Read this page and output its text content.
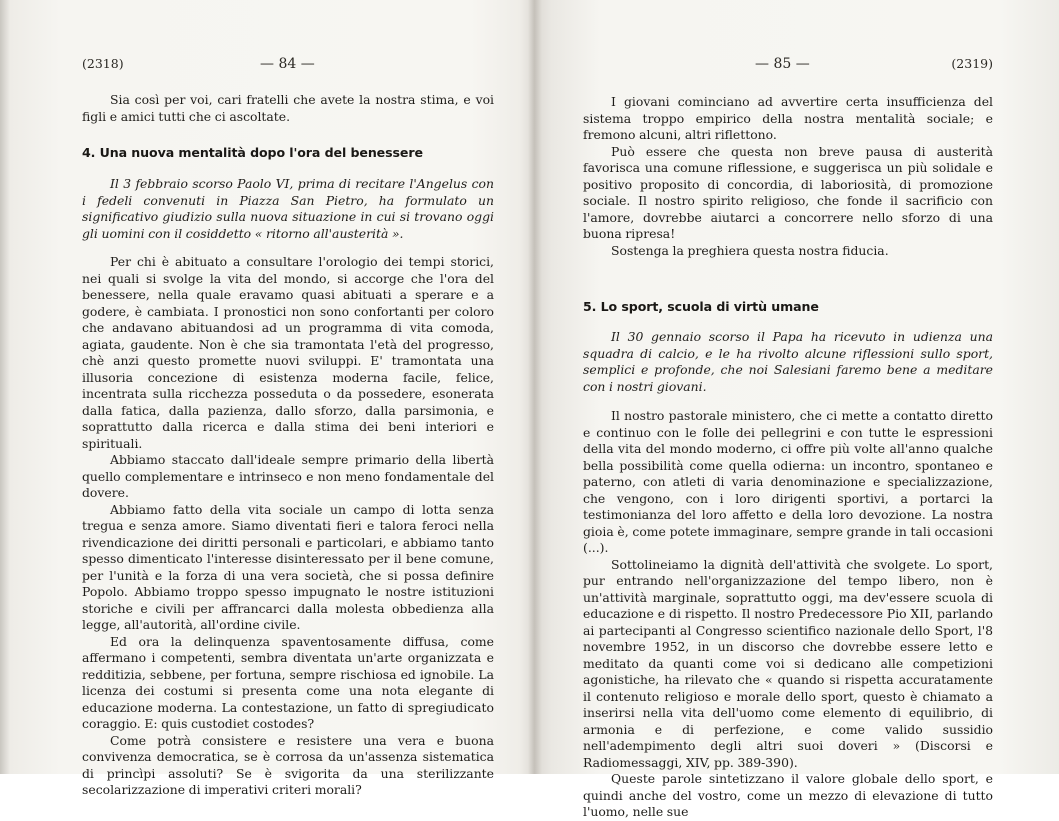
(2318)	— 84 —

Sia così per voi, cari fratelli che avete la nostra stima, e voi figli e amici tutti che ci ascoltate.

4. Una nuova mentalità dopo l'ora del benessere

Il 3 febbraio scorso Paolo VI, prima di recitare l'Angelus con i fedeli convenuti in Piazza San Pietro, ha formulato un significativo giudizio sulla nuova situazione in cui si trovano oggi gli uomini con il cosiddetto « ritorno all'austerità ».

Per chi è abituato a consultare l'orologio dei tempi storici, nei quali si svolge la vita del mondo, si accorge che l'ora del benessere, nella quale eravamo quasi abituati a sperare e a godere, è cambiata. I pronostici non sono confortanti per coloro che andavano abituandosi ad un programma di vita comoda, agiata, gaudente. Non è che sia tramontata l'età del progresso, chè anzi questo promette nuovi sviluppi. E' tramontata una illusoria concezione di esistenza moderna facile, felice, incentrata sulla ricchezza posseduta o da possedere, esonerata dalla fatica, dalla pazienza, dallo sforzo, dalla parsimonia, e soprattutto dalla ricerca e dalla stima dei beni interiori e spirituali.

Abbiamo staccato dall'ideale sempre primario della libertà quello complementare e intrinseco e non meno fondamentale del dovere.

Abbiamo fatto della vita sociale un campo di lotta senza tregua e senza amore. Siamo diventati fieri e talora feroci nella rivendicazione dei diritti personali e particolari, e abbiamo tanto spesso dimenticato l'interesse disinteressato per il bene comune, per l'unità e la forza di una vera società, che si possa definire Popolo. Abbiamo troppo spesso impugnato le nostre istituzioni storiche e civili per affrancarci dalla molesta obbedienza alla legge, all'autorità, all'ordine civile.

Ed ora la delinquenza spaventosamente diffusa, come affermano i competenti, sembra diventata un'arte organizzata e redditizia, sebbene, per fortuna, sempre rischiosa ed ignobile. La licenza dei costumi si presenta come una nota elegante di educazione moderna. La contestazione, un fatto di spregiudicato coraggio. E: quis custodiet costodes?

Come potrà consistere e resistere una vera e buona convivenza democratica, se è corrosa da un'assenza sistematica di princìpi assoluti? Se è svigorita da una sterilizzante secolarizzazione di imperativi criteri morali?

— 85 —	(2319)

I giovani cominciano ad avvertire certa insufficienza del sistema troppo empirico della nostra mentalità sociale; e fremono alcuni, altri riflettono.

Può essere che questa non breve pausa di austerità favorisca una comune riflessione, e suggerisca un più solidale e positivo proposito di concordia, di laboriosità, di promozione sociale. Il nostro spirito religioso, che fonde il sacrificio con l'amore, dovrebbe aiutarci a concorrere nello sforzo di una buona ripresa!

Sostenga la preghiera questa nostra fiducia.

5. Lo sport, scuola di virtù umane

Il 30 gennaio scorso il Papa ha ricevuto in udienza una squadra di calcio, e le ha rivolto alcune riflessioni sullo sport, semplici e profonde, che noi Salesiani faremo bene a meditare con i nostri giovani.

Il nostro pastorale ministero, che ci mette a contatto diretto e continuo con le folle dei pellegrini e con tutte le espressioni della vita del mondo moderno, ci offre più volte all'anno qualche bella possibilità come quella odierna: un incontro, spontaneo e paterno, con atleti di varia denominazione e specializzazione, che vengono, con i loro dirigenti sportivi, a portarci la testimonianza del loro affetto e della loro devozione. La nostra gioia è, come potete immaginare, sempre grande in tali occasioni (...).

Sottolineiamo la dignità dell'attività che svolgete. Lo sport, pur entrando nell'organizzazione del tempo libero, non è un'attività marginale, soprattutto oggi, ma dev'essere scuola di educazione e di rispetto. Il nostro Predecessore Pio XII, parlando ai partecipanti al Congresso scientifico nazionale dello Sport, l'8 novembre 1952, in un discorso che dovrebbe essere letto e meditato da quanti come voi si dedicano alle competizioni agonistiche, ha rilevato che « quando si rispetta accuratamente il contenuto religioso e morale dello sport, questo è chiamato a inserirsi nella vita dell'uomo come elemento di equilibrio, di armonia e di perfezione, e come valido sussidio nell'adempimento degli altri suoi doveri » (Discorsi e Radiomessaggi, XIV, pp. 389-390).

Queste parole sintetizzano il valore globale dello sport, e quindi anche del vostro, come un mezzo di elevazione di tutto l'uomo, nelle sue
